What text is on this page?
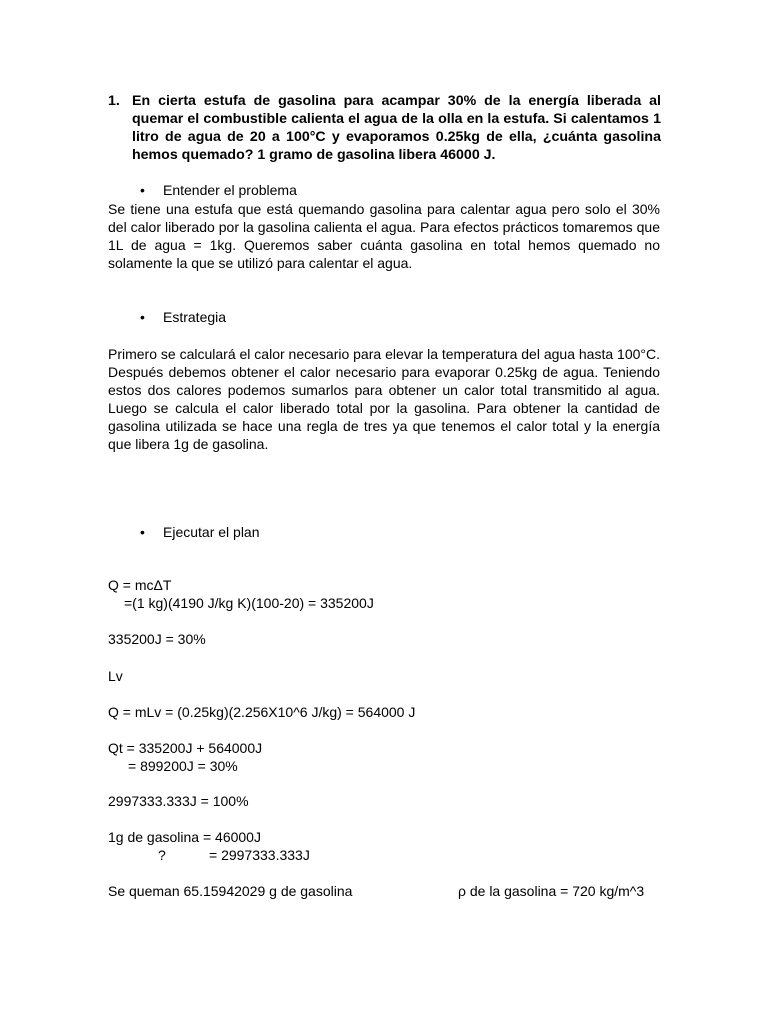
1. En cierta estufa de gasolina para acampar 30% de la energía liberada al quemar el combustible calienta el agua de la olla en la estufa. Si calentamos 1 litro de agua de 20 a 100°C y evaporamos 0.25kg de ella, ¿cuánta gasolina hemos quemado? 1 gramo de gasolina libera 46000 J.
•	Entender el problema
Se tiene una estufa que está quemando gasolina para calentar agua pero solo el 30% del calor liberado por la gasolina calienta el agua. Para efectos prácticos tomaremos que 1L de agua = 1kg. Queremos saber cuánta gasolina en total hemos quemado no solamente la que se utilizó para calentar el agua.
•	Estrategia
Primero se calculará el calor necesario para elevar la temperatura del agua hasta 100°C. Después debemos obtener el calor necesario para evaporar 0.25kg de agua. Teniendo estos dos calores podemos sumarlos para obtener un calor total transmitido al agua. Luego se calcula el calor liberado total por la gasolina. Para obtener la cantidad de gasolina utilizada se hace una regla de tres ya que tenemos el calor total y la energía que libera 1g de gasolina.
•	Ejecutar el plan
Q = mcΔT
=(1 kg)(4190 J/kg K)(100-20) = 335200J
335200J = 30%
Lv
Q = mLv = (0.25kg)(2.256X10^6 J/kg) = 564000 J
Qt = 335200J + 564000J
= 899200J = 30%
2997333.333J = 100%
1g de gasolina = 46000J
?	= 2997333.333J
Se queman 65.15942029 g de gasolina	ρ de la gasolina = 720 kg/m^3
